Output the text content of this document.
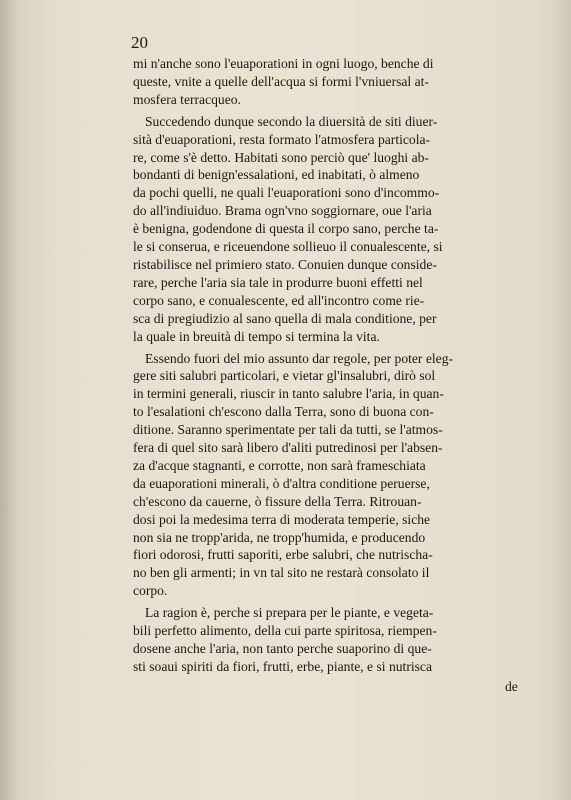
20
mi n'anche sono l'euaporationi in ogni luogo, benche di
queste, vnite a quelle dell'acqua si formi l'vniuersal at-
mosfera terracqueo.
Succedendo dunque secondo la diuersità de siti diuer-
sità d'euaporationi, resta formato l'atmosfera particola-
re, come s'è detto. Habitati sono perciò que' luoghi ab-
bondanti di benign'essalationi, ed inabitati, ò almeno
da pochi quelli, ne quali l'euaporationi sono d'incommo-
do all'indiuiduo. Brama ogn'vno soggiornare, oue l'aria
è benigna, godendone di questa il corpo sano, perche ta-
le si conserua, e riceuendone sollieuo il conualescente, si
ristabilisce nel primiero stato. Conuien dunque conside-
rare, perche l'aria sia tale in produrre buoni effetti nel
corpo sano, e conualescente, ed all'incontro come rie-
sca di pregiudizio al sano quella di mala conditione, per
la quale in breuità di tempo si termina la vita.
Essendo fuori del mio assunto dar regole, per poter eleg-
gere siti salubri particolari, e vietar gl'insalubri, dirò sol
in termini generali, riuscir in tanto salubre l'aria, in quan-
to l'esalationi ch'escono dalla Terra, sono di buona con-
ditione. Saranno sperimentate per tali da tutti, se l'atmos-
fera di quel sito sarà libero d'aliti putredinosi per l'absen-
za d'acque stagnanti, e corrotte, non sarà frameschiata
da euaporationi minerali, ò d'altra conditione peruerse,
ch'escono da cauerne, ò fissure della Terra. Ritrouan-
dosi poi la medesima terra di moderata temperie, siche
non sia ne tropp'arida, ne tropp'humida, e producendo
fiori odorosi, frutti saporiti, erbe salubri, che nutrischa-
no ben gli armenti; in vn tal sito ne restarà consolato il
corpo.
La ragion è, perche si prepara per le piante, e vegeta-
bili perfetto alimento, della cui parte spiritosa, riempen-
dosene anche l'aria, non tanto perche suaporino di que-
sti soaui spiriti da fiori, frutti, erbe, piante, e si nutrisca
de
